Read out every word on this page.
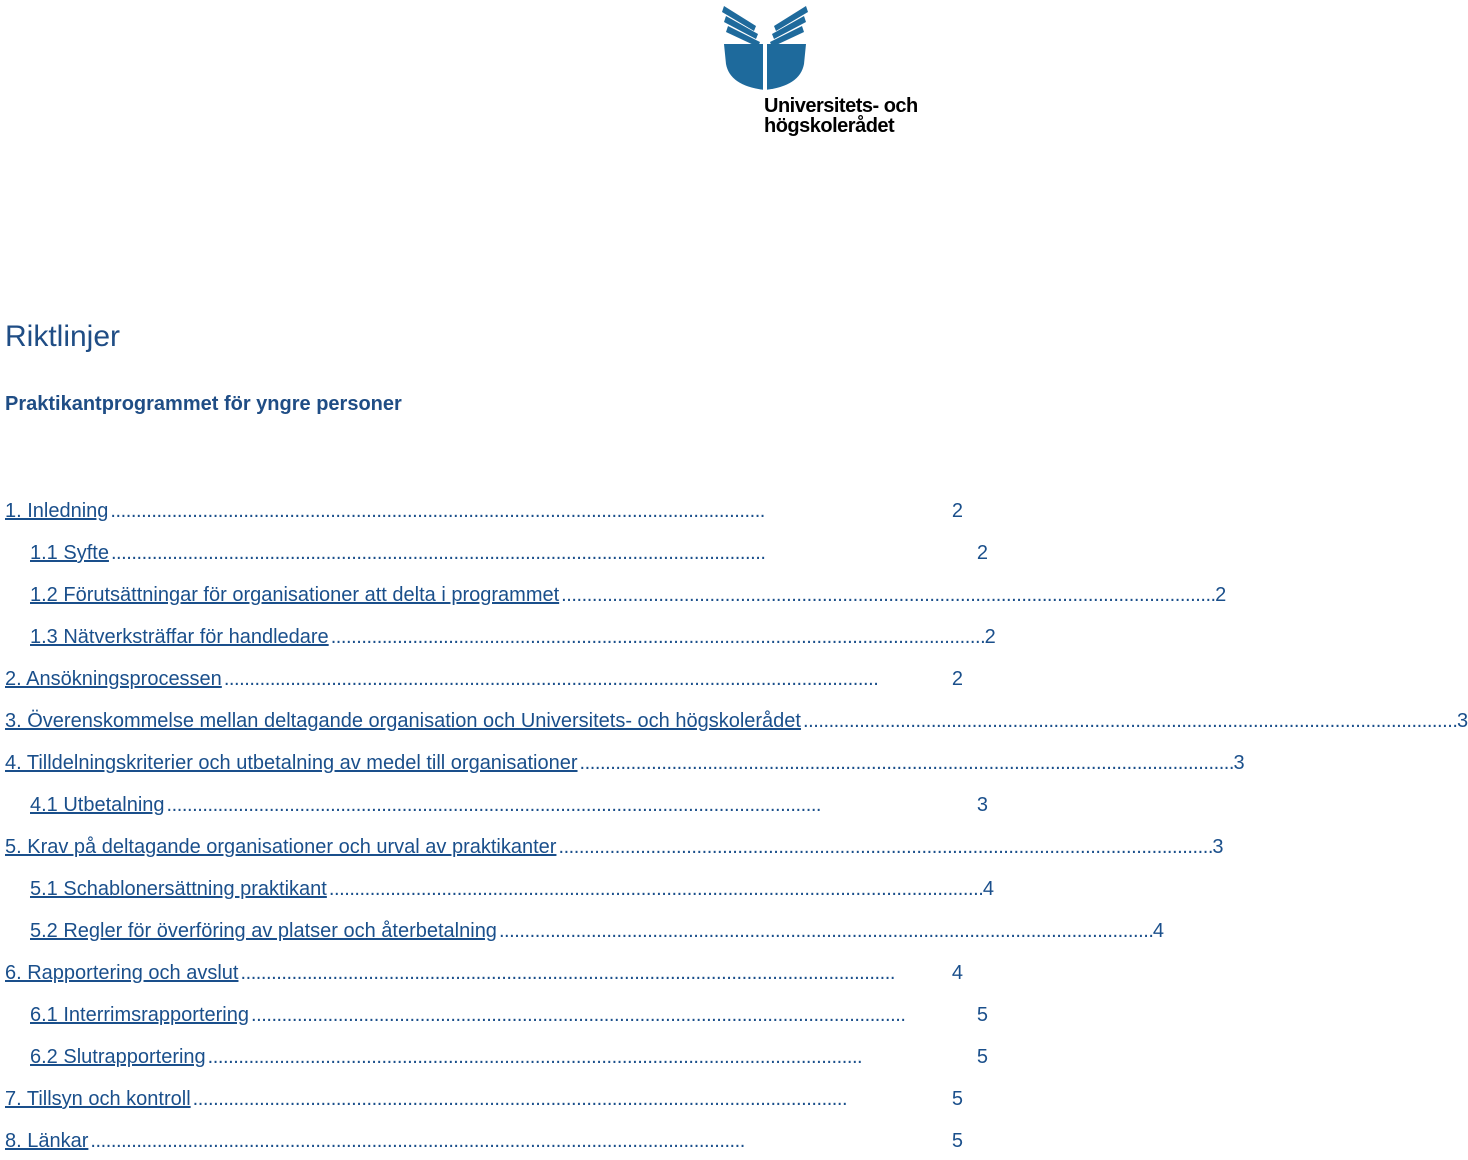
Universitets- och
högskolerådet
Riktlinjer
Praktikantprogrammet för yngre personer
1. Inledning . . .	2
1.1 Syfte . . .	2
1.2 Förutsättningar för organisationer att delta i programmet . . .	2
1.3 Nätverksträffar för handledare . . .	2
2. Ansökningsprocessen . . .	2
3. Överenskommelse mellan deltagande organisation och Universitets- och högskolerådet . . .	3
4. Tilldelningskriterier och utbetalning av medel till organisationer . . .	3
4.1 Utbetalning . . .	3
5. Krav på deltagande organisationer och urval av praktikanter . . .	3
5.1 Schablonersättning praktikant . . .	4
5.2 Regler för överföring av platser och återbetalning . . .	4
6. Rapportering och avslut . . .	4
6.1 Interrimsrapportering . . .	5
6.2 Slutrapportering . . .	5
7. Tillsyn och kontroll . . .	5
8. Länkar . . .	5
